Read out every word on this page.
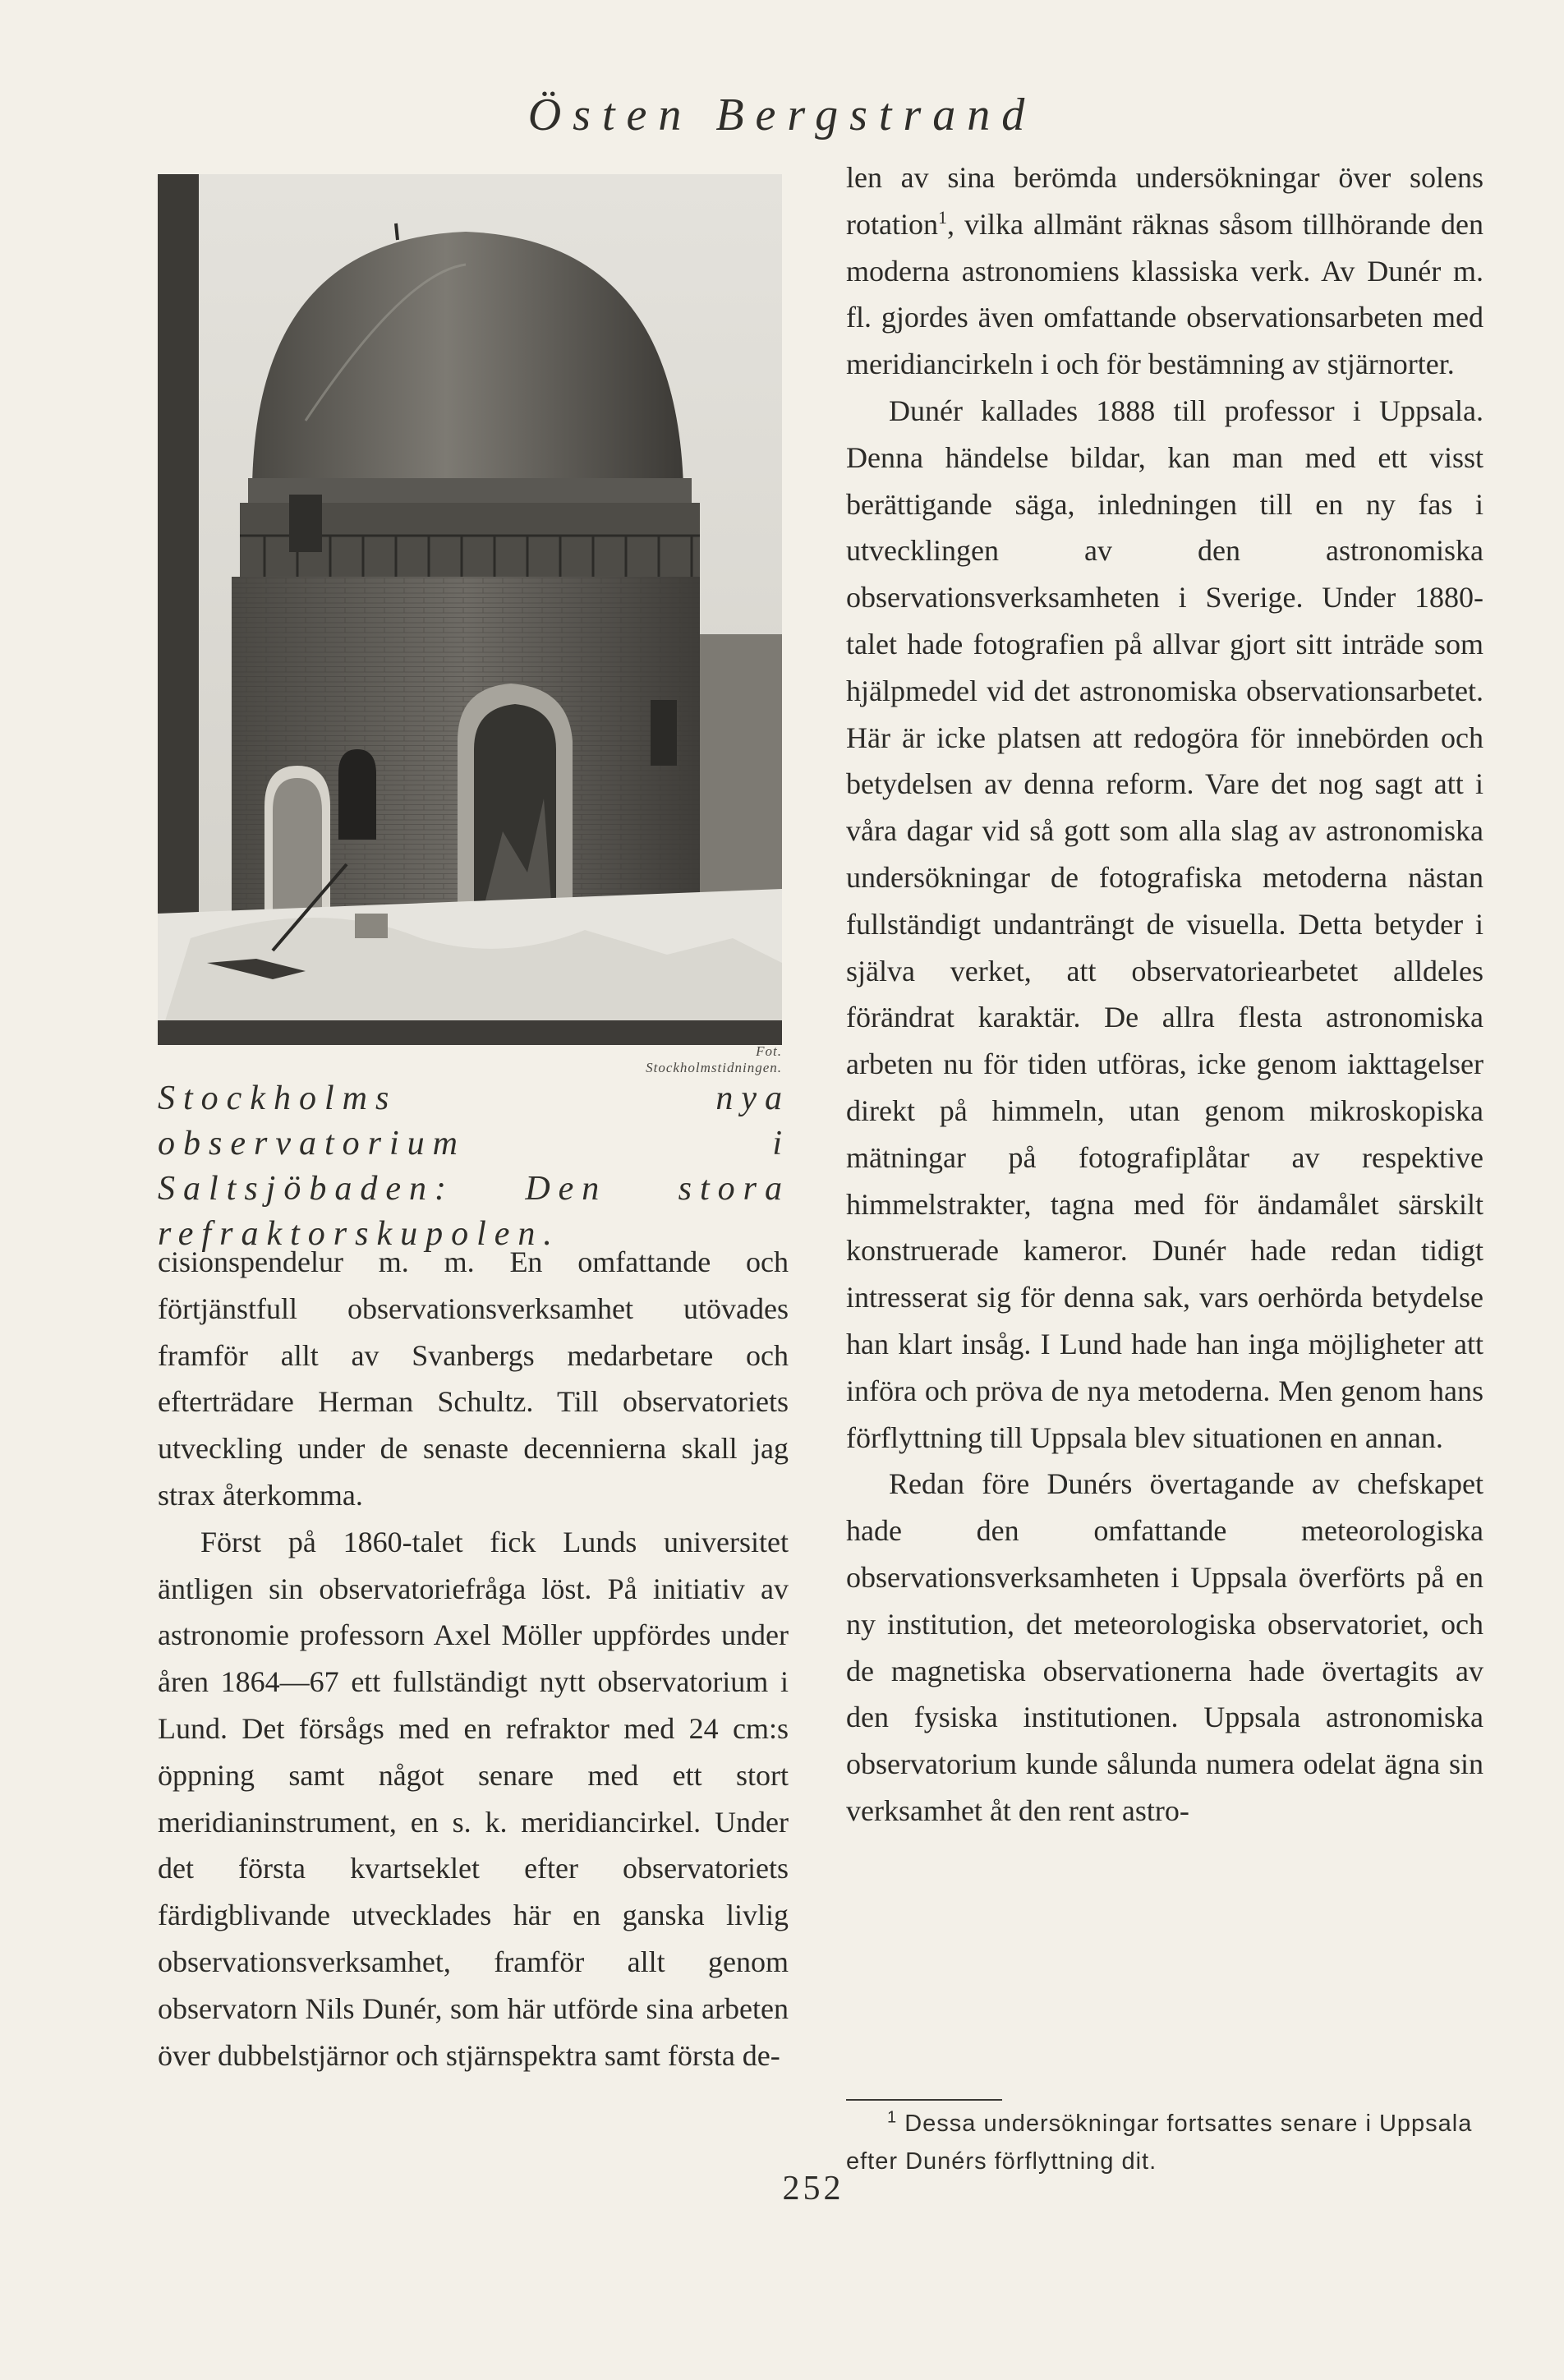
Östen Bergstrand
Fot. Stockholmstidningen.

Stockholms nya observatorium i Saltsjöbaden: Den stora refraktorskupolen.

cisionspendelur m. m. En omfattande och förtjänstfull observationsverksamhet utövades framför allt av Svanbergs medarbetare och efterträdare Herman Schultz. Till observatoriets utveckling under de senaste decennierna skall jag strax återkomma.

Först på 1860-talet fick Lunds universitet äntligen sin observatoriefråga löst. På initiativ av astronomie professorn Axel Möller uppfördes under åren 1864—67 ett fullständigt nytt observatorium i Lund. Det försågs med en refraktor med 24 cm:s öppning samt något senare med ett stort meridianinstrument, en s. k. meridiancirkel. Under det första kvartseklet efter observatoriets färdigblivande utvecklades här en ganska livlig observationsverksamhet, framför allt genom observatorn Nils Dunér, som här utförde sina arbeten över dubbelstjärnor och stjärnspektra samt första de-

len av sina berömda undersökningar över solens rotation$^1$, vilka allmänt räknas såsom tillhörande den moderna astronomiens klassiska verk. Av Dunér m. fl. gjordes även omfattande observationsarbeten med meridiancirkeln i och för bestämning av stjärnorter.

Dunér kallades 1888 till professor i Uppsala. Denna händelse bildar, kan man med ett visst berättigande säga, inledningen till en ny fas i utvecklingen av den astronomiska observationsverksamheten i Sverige. Under 1880-talet hade fotografien på allvar gjort sitt inträde som hjälpmedel vid det astronomiska observationsarbetet. Här är icke platsen att redogöra för innebörden och betydelsen av denna reform. Vare det nog sagt att i våra dagar vid så gott som alla slag av astronomiska undersökningar de fotografiska metoderna nästan fullständigt undanträngt de visuella. Detta betyder i själva verket, att observatoriearbetet alldeles förändrat karaktär. De allra flesta astronomiska arbeten nu för tiden utföras, icke genom iakttagelser direkt på himmeln, utan genom mikroskopiska mätningar på fotografiplåtar av respektive himmelstrakter, tagna med för ändamålet särskilt konstruerade kameror. Dunér hade redan tidigt intresserat sig för denna sak, vars oerhörda betydelse han klart insåg. I Lund hade han inga möjligheter att införa och pröva de nya metoderna. Men genom hans förflyttning till Uppsala blev situationen en annan.

Redan före Dunérs övertagande av chefskapet hade den omfattande meteorologiska observationsverksamheten i Uppsala överförts på en ny institution, det meteorologiska observatoriet, och de magnetiska observationerna hade övertagits av den fysiska institutionen. Uppsala astronomiska observatorium kunde sålunda numera odelat ägna sin verksamhet åt den rent astro-

$^1$ Dessa undersökningar fortsattes senare i Uppsala efter Dunérs förflyttning dit.
252
